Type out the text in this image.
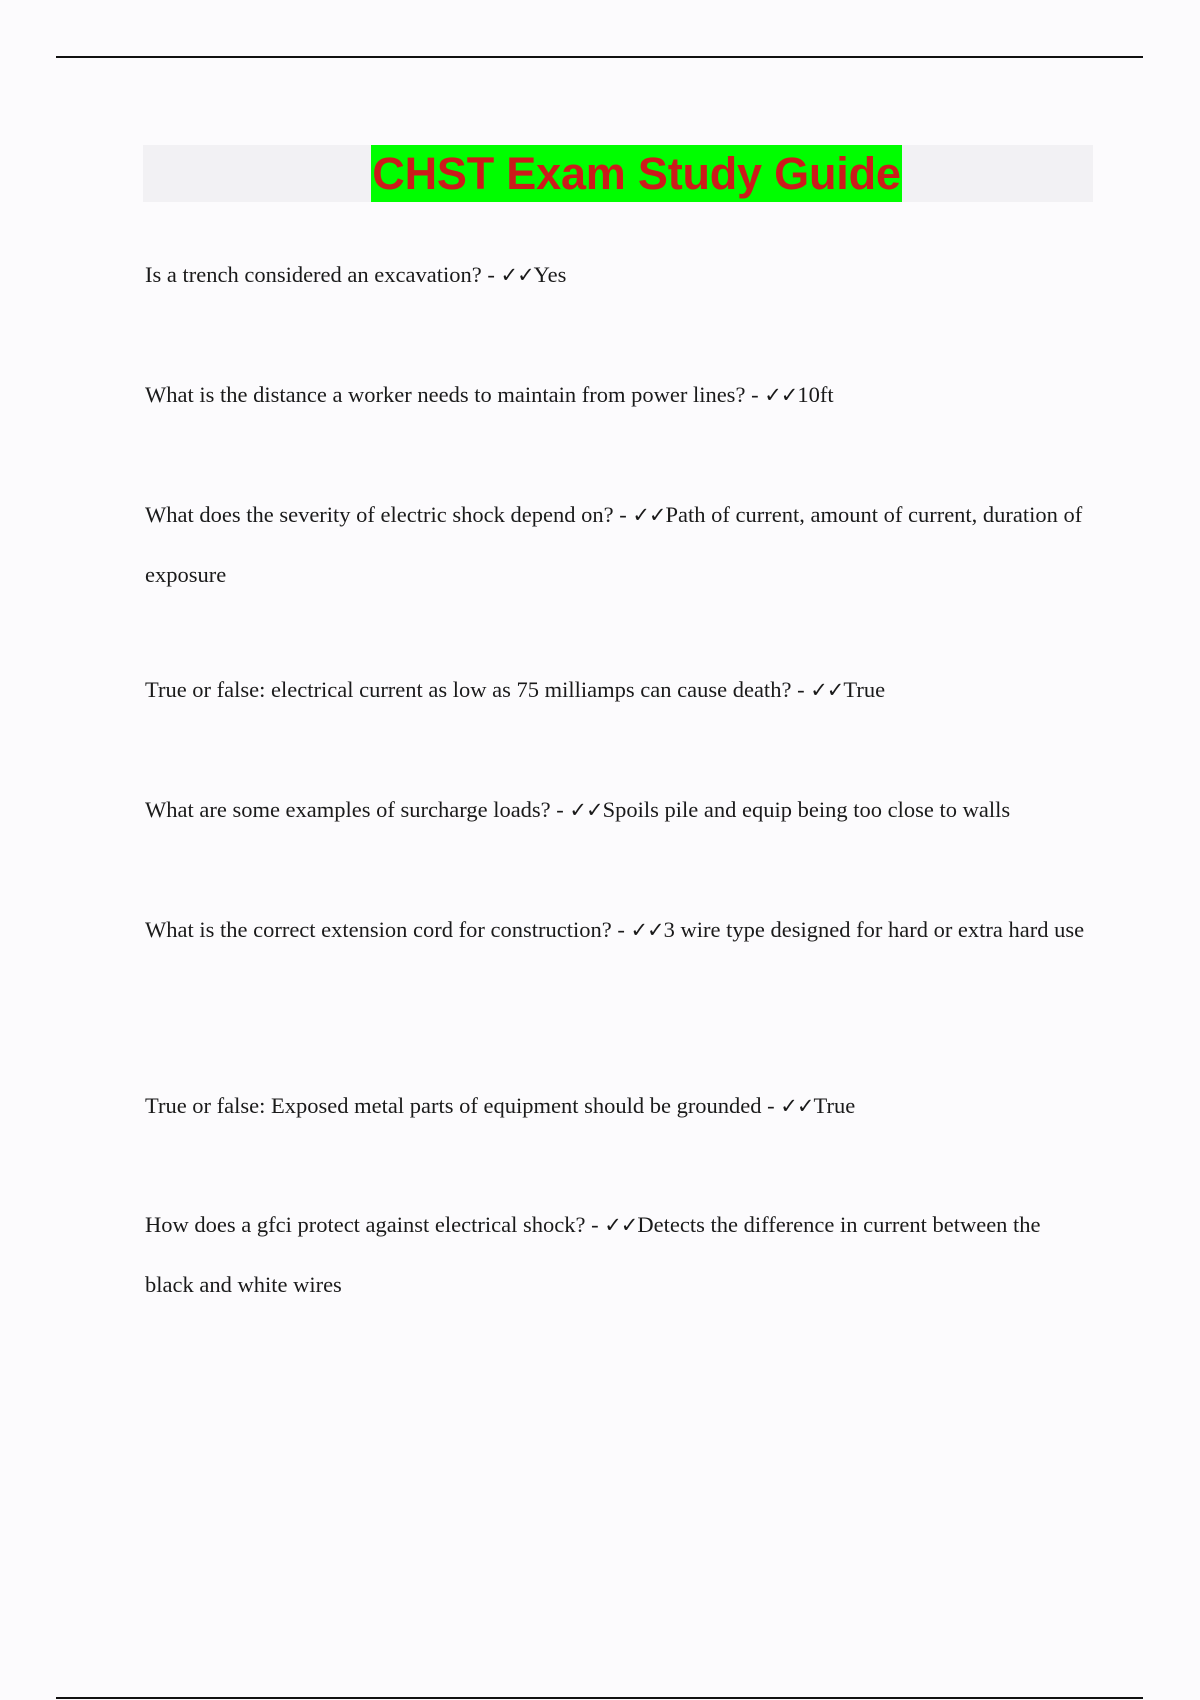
CHST Exam Study Guide

Is a trench considered an excavation? - ✓✓Yes

What is the distance a worker needs to maintain from power lines? - ✓✓10ft

What does the severity of electric shock depend on? - ✓✓Path of current, amount of current, duration of exposure

True or false: electrical current as low as 75 milliamps can cause death? - ✓✓True

What are some examples of surcharge loads? - ✓✓Spoils pile and equip being too close to walls

What is the correct extension cord for construction? - ✓✓3 wire type designed for hard or extra hard use

True or false: Exposed metal parts of equipment should be grounded - ✓✓True

How does a gfci protect against electrical shock? - ✓✓Detects the difference in current between the black and white wires
